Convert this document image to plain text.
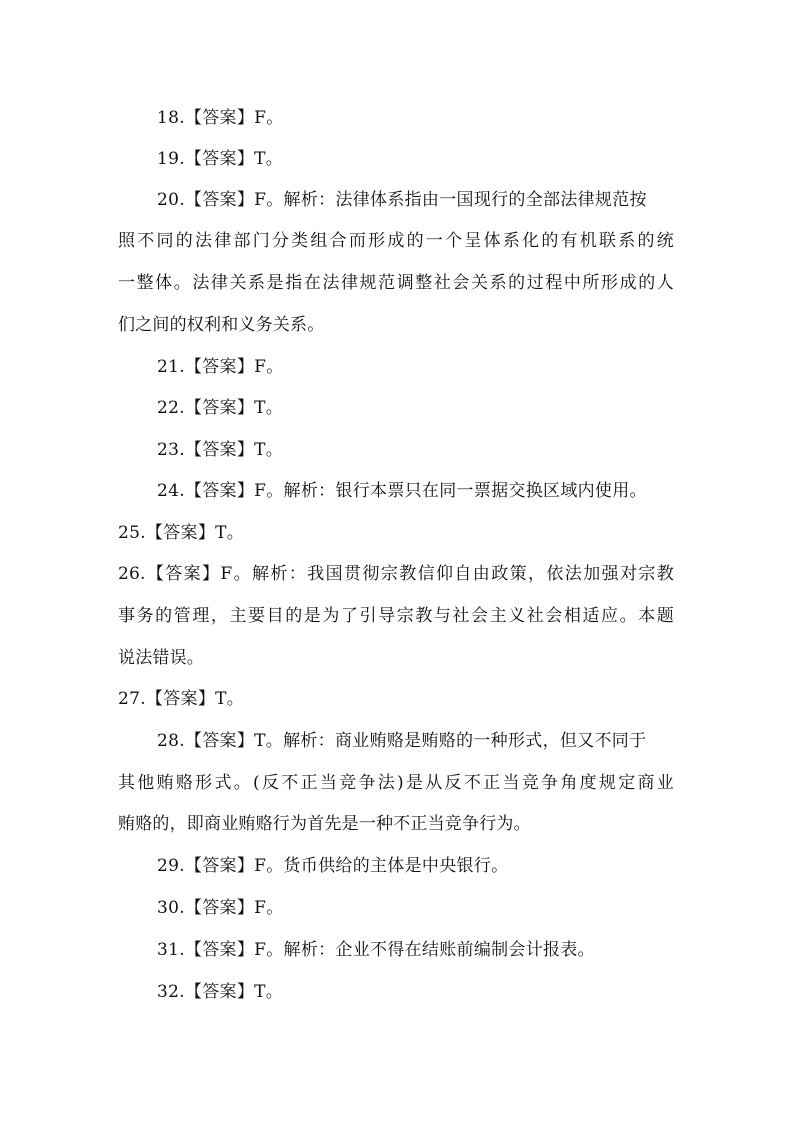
18.【答案】F。
19.【答案】T。
20.【答案】F。解析：法律体系指由一国现行的全部法律规范按
照不同的法律部门分类组合而形成的一个呈体系化的有机联系的统
一整体。法律关系是指在法律规范调整社会关系的过程中所形成的人
们之间的权利和义务关系。
21.【答案】F。
22.【答案】T。
23.【答案】T。
24.【答案】F。解析：银行本票只在同一票据交换区域内使用。
25.【答案】T。
26.【答案】F。解析：我国贯彻宗教信仰自由政策，依法加强对宗教
事务的管理，主要目的是为了引导宗教与社会主义社会相适应。本题
说法错误。
27.【答案】T。
28.【答案】T。解析：商业贿赂是贿赂的一种形式，但又不同于
其他贿赂形式。(反不正当竞争法)是从反不正当竞争角度规定商业
贿赂的，即商业贿赂行为首先是一种不正当竞争行为。
29.【答案】F。货币供给的主体是中央银行。
30.【答案】F。
31.【答案】F。解析：企业不得在结账前编制会计报表。
32.【答案】T。
